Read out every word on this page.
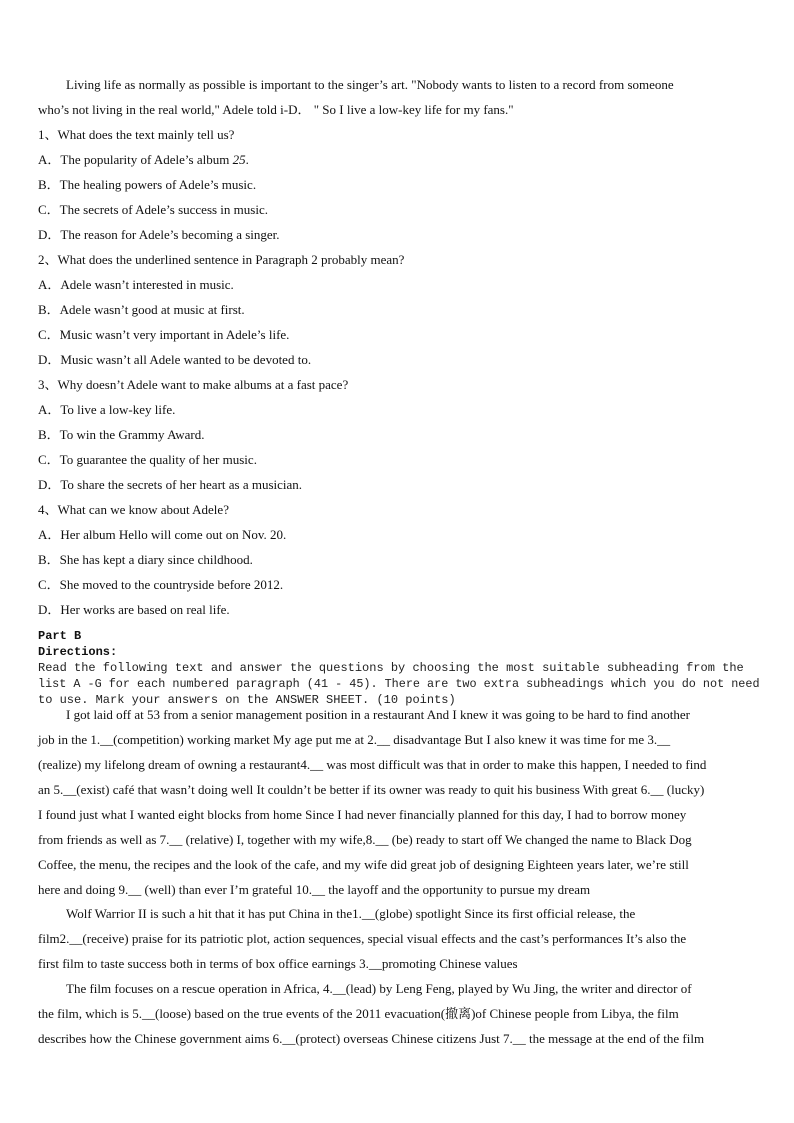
Living life as normally as possible is important to the singer’s art. "Nobody wants to listen to a record from someone
who’s not living in the real world," Adele told i-D． " So I live a low-key life for my fans."
1、What does the text mainly tell us?
A．The popularity of Adele’s album 25.
B．The healing powers of Adele’s music.
C．The secrets of Adele’s success in music.
D．The reason for Adele’s becoming a singer.
2、What does the underlined sentence in Paragraph 2 probably mean?
A．Adele wasn’t interested in music.
B．Adele wasn’t good at music at first.
C．Music wasn’t very important in Adele’s life.
D．Music wasn’t all Adele wanted to be devoted to.
3、Why doesn’t Adele want to make albums at a fast pace?
A．To live a low-key life.
B．To win the Grammy Award.
C．To guarantee the quality of her music.
D．To share the secrets of her heart as a musician.
4、What can we know about Adele?
A．Her album Hello will come out on Nov. 20.
B．She has kept a diary since childhood.
C．She moved to the countryside before 2012.
D．Her works are based on real life.
Part B
Directions:
Read the following text and answer the questions by choosing the most suitable subheading from the
list A -G for each numbered paragraph (41 - 45). There are two extra subheadings which you do not need
to use. Mark your answers on the ANSWER SHEET. (10 points)
I got laid off at 53 from a senior management position in a restaurant And I knew it was going to be hard to find another
job in the 1.__(competition) working market My age put me at 2.__ disadvantage But I also knew it was time for me 3.__
(realize) my lifelong dream of owning a restaurant4.__ was most difficult was that in order to make this happen, I needed to find
an 5.__(exist) café that wasn’t doing well It couldn’t be better if its owner was ready to quit his business With great 6.__ (lucky)
I found just what I wanted eight blocks from home Since I had never financially planned for this day, I had to borrow money
from friends as well as 7.__ (relative) I, together with my wife,8.__ (be) ready to start off We changed the name to Black Dog
Coffee, the menu, the recipes and the look of the cafe, and my wife did great job of designing Eighteen years later, we’re still
here and doing 9.__ (well) than ever I’m grateful 10.__ the layoff and the opportunity to pursue my dream
Wolf Warrior II is such a hit that it has put China in the1.__(globe) spotlight Since its first official release, the
film2.__(receive) praise for its patriotic plot, action sequences, special visual effects and the cast’s performances It’s also the
first film to taste success both in terms of box office earnings 3.__promoting Chinese values
The film focuses on a rescue operation in Africa, 4.__(lead) by Leng Feng, played by Wu Jing, the writer and director of
the film, which is 5.__(loose) based on the true events of the 2011 evacuation(撤离)of Chinese people from Libya, the film
describes how the Chinese government aims 6.__(protect) overseas Chinese citizens Just 7.__ the message at the end of the film
